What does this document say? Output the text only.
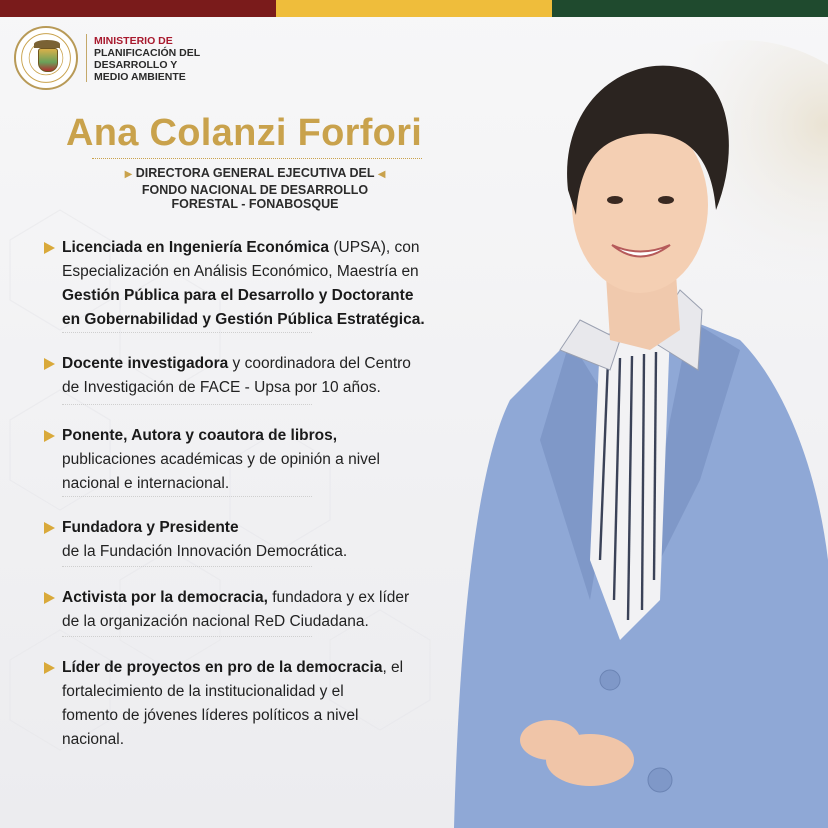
MINISTERIO DE
PLANIFICACIÓN DEL
DESARROLLO Y
MEDIO AMBIENTE
Ana Colanzi Forfori
▶ DIRECTORA GENERAL EJECUTIVA DEL ◀
FONDO NACIONAL DE DESARROLLO
FORESTAL - FONABOSQUE
Licenciada en Ingeniería Económica (UPSA), con
Especialización en Análisis Económico, Maestría en
Gestión Pública para el Desarrollo y Doctorante
en Gobernabilidad y Gestión Pública Estratégica.
Docente investigadora y coordinadora del Centro
de Investigación de FACE - Upsa por 10 años.
Ponente, Autora y coautora de libros,
publicaciones académicas y de opinión a nivel
nacional e internacional.
Fundadora y Presidente
de la Fundación Innovación Democrática.
Activista por la democracia, fundadora y ex líder
de la organización nacional ReD Ciudadana.
Líder de proyectos en pro de la democracia, el
fortalecimiento de la institucionalidad y el
fomento de jóvenes líderes políticos a nivel
nacional.
